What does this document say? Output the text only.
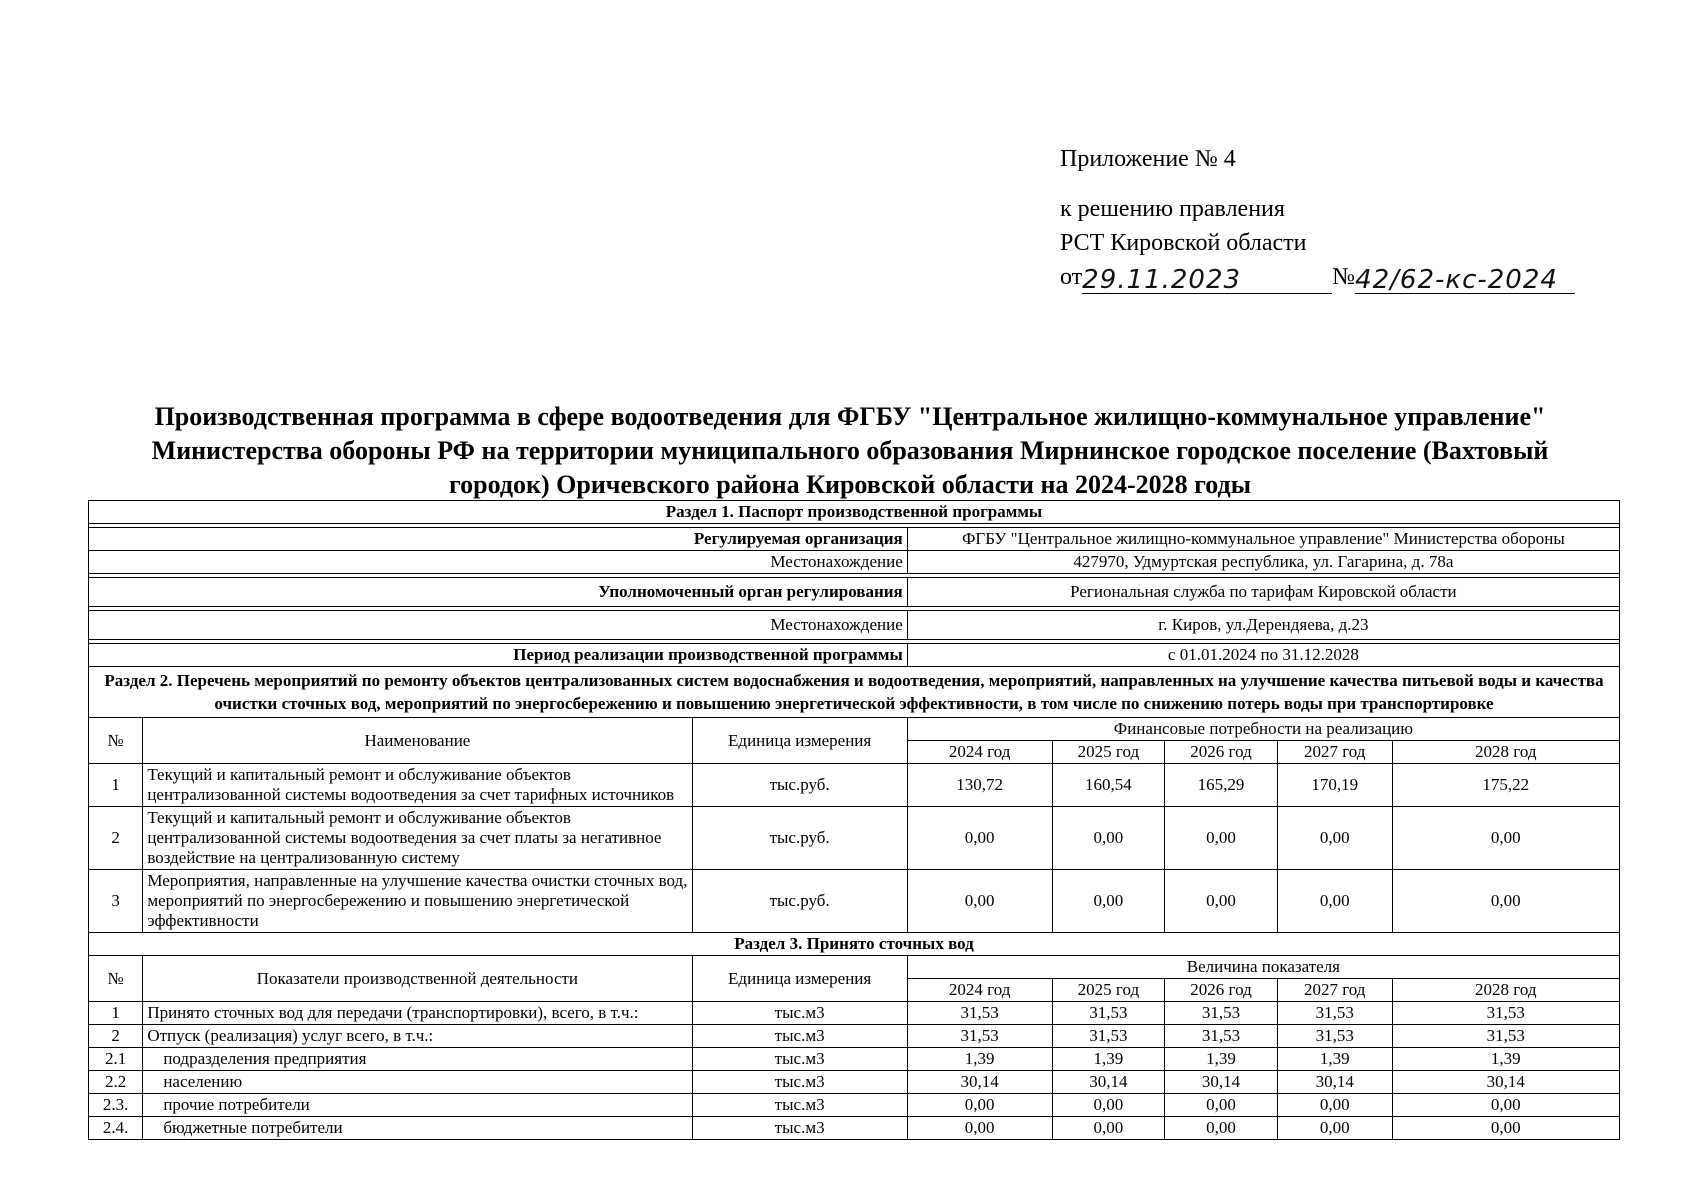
Приложение № 4
к решению правления
РСТ Кировской области
от29.11.2023	№42/62-кс-2024
Производственная программа в сфере водоотведения для ФГБУ "Центральное жилищно-коммунальное управление"
Министерства обороны РФ на территории муниципального образования Мирнинское городское поселение (Вахтовый
городок) Оричевского района Кировской области на 2024-2028 годы
Раздел 1. Паспорт производственной программы							

Регулируемая организация			ФГБУ "Центральное жилищно-коммунальное управление" Министерства обороны				
Местонахождение			427970, Удмуртская республика, ул. Гагарина, д. 78а				

Уполномоченный орган регулирования			Региональная служба по тарифам Кировской области				

Местонахождение			г. Киров, ул.Дерендяева, д.23				

Период реализации производственной программы			с 01.01.2024 по 31.12.2028				
Раздел 2. Перечень мероприятий по ремонту объектов централизованных систем водоснабжения и водоотведения, мероприятий, направленных на улучшение качества питьевой воды и качества очистки сточных вод, мероприятий по энергосбережению и повышению энергетической эффективности, в том числе по снижению потерь воды при транспортировке							
№	Наименование	Единица измерения	Финансовые потребности на реализацию				
			2024 год	2025 год	2026 год	2027 год	2028 год
1	Текущий и капитальный ремонт и обслуживание объектов централизованной системы водоотведения за счет тарифных источников	тыс.руб.	130,72	160,54	165,29	170,19	175,22
2	Текущий и капитальный ремонт и обслуживание объектов централизованной системы водоотведения за счет платы за негативное воздействие на централизованную систему	тыс.руб.	0,00	0,00	0,00	0,00	0,00
3	Мероприятия, направленные на улучшение качества очистки сточных вод, мероприятий по энергосбережению и повышению энергетической эффективности	тыс.руб.	0,00	0,00	0,00	0,00	0,00
Раздел 3. Принято сточных вод							
№	Показатели производственной деятельности	Единица измерения	Величина показателя				
			2024 год	2025 год	2026 год	2027 год	2028 год
1	Принято сточных вод для передачи (транспортировки), всего, в т.ч.:	тыс.м3	31,53	31,53	31,53	31,53	31,53
2	Отпуск (реализация) услуг всего, в т.ч.:	тыс.м3	31,53	31,53	31,53	31,53	31,53
2.1	подразделения предприятия	тыс.м3	1,39	1,39	1,39	1,39	1,39
2.2	населению	тыс.м3	30,14	30,14	30,14	30,14	30,14
2.3.	прочие потребители	тыс.м3	0,00	0,00	0,00	0,00	0,00
2.4.	бюджетные потребители	тыс.м3	0,00	0,00	0,00	0,00	0,00
